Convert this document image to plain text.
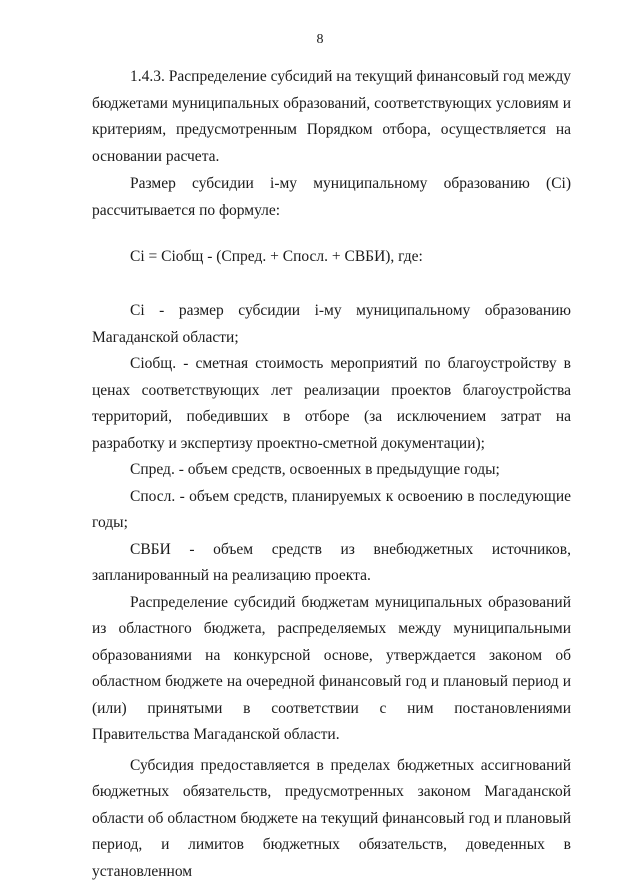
8

1.4.3. Распределение субсидий на текущий финансовый год между бюджетами муниципальных образований, соответствующих условиям и критериям, предусмотренным Порядком отбора, осуществляется на основании расчета.

Размер субсидии i-му муниципальному образованию (Ci) рассчитывается по формуле:

Ci = Ciобщ - (Спред. + Спосл. + СВБИ), где:

Ci - размер субсидии i-му муниципальному образованию Магаданской области;

Ciобщ. - сметная стоимость мероприятий по благоустройству в ценах соответствующих лет реализации проектов благоустройства территорий, победивших в отборе (за исключением затрат на разработку и экспертизу проектно-сметной документации);

Спред. - объем средств, освоенных в предыдущие годы;

Спосл. - объем средств, планируемых к освоению в последующие годы;

СВБИ - объем средств из внебюджетных источников, запланированный на реализацию проекта.

Распределение субсидий бюджетам муниципальных образований из областного бюджета, распределяемых между муниципальными образованиями на конкурсной основе, утверждается законом об областном бюджете на очередной финансовый год и плановый период и (или) принятыми в соответствии с ним постановлениями Правительства Магаданской области.

Субсидия предоставляется в пределах бюджетных ассигнований бюджетных обязательств, предусмотренных законом Магаданской области об областном бюджете на текущий финансовый год и плановый период, и лимитов бюджетных обязательств, доведенных в установленном
